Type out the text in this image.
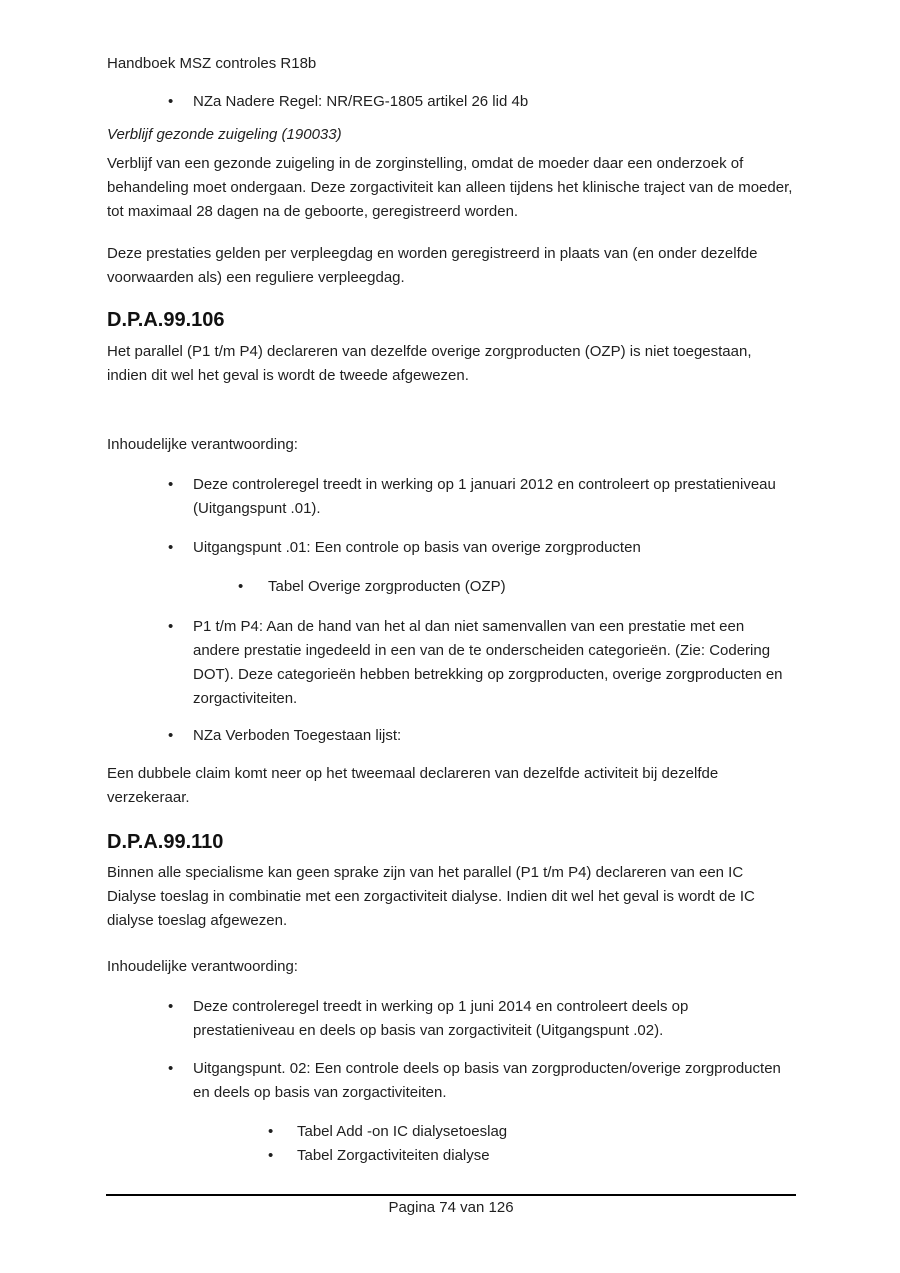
Handboek MSZ controles R18b
• NZa Nadere Regel: NR/REG-1805 artikel 26 lid 4b
Verblijf gezonde zuigeling (190033)

Verblijf van een gezonde zuigeling in de zorginstelling, omdat de moeder daar een onderzoek of behandeling moet ondergaan. Deze zorgactiviteit kan alleen tijdens het klinische traject van de moeder, tot maximaal 28 dagen na de geboorte, geregistreerd worden.

Deze prestaties gelden per verpleegdag en worden geregistreerd in plaats van (en onder dezelfde voorwaarden als) een reguliere verpleegdag.

D.P.A.99.106

Het parallel (P1 t/m P4) declareren van dezelfde overige zorgproducten (OZP) is niet toegestaan, indien dit wel het geval is wordt de tweede afgewezen.

Inhoudelijke verantwoording:

• Deze controleregel treedt in werking op 1 januari 2012 en controleert op prestatieniveau (Uitgangspunt .01).
• Uitgangspunt .01: Een controle op basis van overige zorgproducten
• Tabel Overige zorgproducten (OZP)
• P1 t/m P4: Aan de hand van het al dan niet samenvallen van een prestatie met een andere prestatie ingedeeld in een van de te onderscheiden categorieën. (Zie: Codering DOT). Deze categorieën hebben betrekking op zorgproducten, overige zorgproducten en zorgactiviteiten.
• NZa Verboden Toegestaan lijst:

Een dubbele claim komt neer op het tweemaal declareren van dezelfde activiteit bij dezelfde verzekeraar.

D.P.A.99.110

Binnen alle specialisme kan geen sprake zijn van het parallel (P1 t/m P4) declareren van een IC Dialyse toeslag in combinatie met een zorgactiviteit dialyse. Indien dit wel het geval is wordt de IC dialyse toeslag afgewezen.

Inhoudelijke verantwoording:

• Deze controleregel treedt in werking op 1 juni 2014 en controleert deels op prestatieniveau en deels op basis van zorgactiviteit (Uitgangspunt .02).
• Uitgangspunt. 02: Een controle deels op basis van zorgproducten/overige zorgproducten en deels op basis van zorgactiviteiten.
• Tabel Add -on IC dialysetoeslag
• Tabel Zorgactiviteiten dialyse
Pagina 74 van 126
